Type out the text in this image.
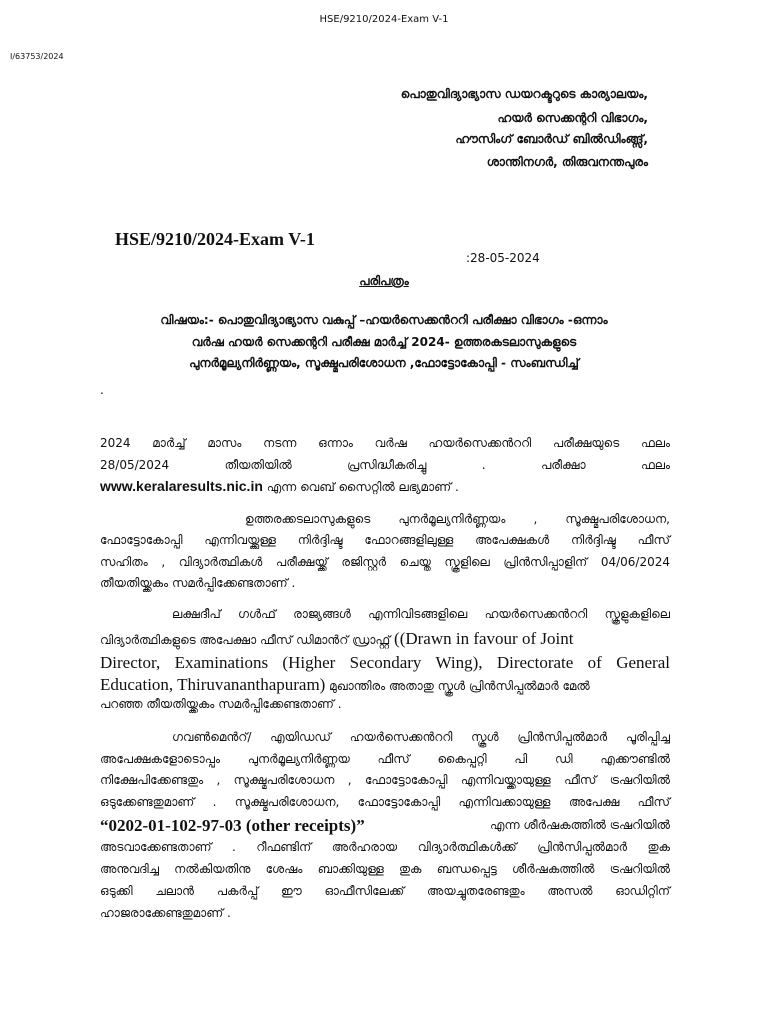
HSE/9210/2024-Exam V-1
I/63753/2024
പൊതുവിദ്യാഭ്യാസ ഡയറക്ടറുടെ കാര്യാലയം,
ഹയർ സെക്കന്ററി വിഭാഗം,
ഹൗസിംഗ് ബോർഡ് ബിൽഡിംങ്ങ്സ്,
ശാന്തിനഗർ, തിരുവനന്തപുരം
HSE/9210/2024-Exam V-1
:28-05-2024
പരിപത്രം
വിഷയം:- പൊതുവിദ്യാഭ്യാസ വകുപ്പ് –ഹയർസെക്കൻററി പരീക്ഷാ വിഭാഗം -ഒന്നാം
വർഷ ഹയർ സെക്കന്ററി പരീക്ഷ മാർച്ച് 2024- ഉത്തരകടലാസുകളുടെ
പുനർമൂല്യനിർണ്ണയം, സൂക്ഷ്മപരിശോധന ,ഫോട്ടോകോപ്പി - സംബന്ധിച്ച്
.
2024 മാർച്ച് മാസം നടന്ന ഒന്നാം വർഷ ഹയർസെക്കൻററി പരീക്ഷയുടെ ഫലം
28/05/2024 തീയതിയിൽ പ്രസിദ്ധീകരിച്ചു . പരീക്ഷാ ഫലം
www.keralaresults.nic.in എന്ന വെബ് സൈറ്റിൽ ലഭ്യമാണ് .
ഉത്തരക്കടലാസുകളുടെ പുനർമൂല്യനിർണ്ണയം , സൂക്ഷ്മപരിശോധന,
ഫോട്ടോകോപ്പി എന്നിവയ്ക്കുള്ള നിർദ്ദിഷ്ട ഫോറങ്ങളിലുള്ള അപേക്ഷകൾ നിർദ്ദിഷ്ട ഫീസ്
സഹിതം , വിദ്യാർത്ഥികൾ പരീക്ഷയ്ക്ക് രജിസ്റ്റർ ചെയ്ത സ്കൂളിലെ പ്രിൻസിപ്പാളിന് 04/06/2024
തീയതിയ്ക്കകം സമർപ്പിക്കേണ്ടതാണ് .
ലക്ഷദീപ് ഗൾഫ് രാജ്യങ്ങൾ എന്നിവിടങ്ങളിലെ ഹയർസെക്കൻററി സ്കൂളുകളിലെ
വിദ്യാർത്ഥികളുടെ അപേക്ഷാ ഫീസ് ഡിമാൻറ് ഡ്രാഫ്റ്റ് ((Drawn in favour of Joint
Director, Examinations (Higher Secondary Wing), Directorate of General
Education, Thiruvananthapuram) മുഖാന്തിരം അതാതു സ്കൂൾ പ്രിൻസിപ്പൽമാർ മേൽ
പറഞ്ഞ തീയതിയ്ക്കകം സമർപ്പിക്കേണ്ടതാണ് .
ഗവൺമെൻറ്/ എയിഡഡ് ഹയർസെക്കൻററി സ്കൂൾ പ്രിൻസിപ്പൽമാർ പൂരിപ്പിച്ച
അപേക്ഷകളോടൊപ്പം പുനർമൂല്യനിർണ്ണയ ഫീസ് കൈപ്പറ്റി പി ഡി എക്കൗണ്ടിൽ
നിക്ഷേപിക്കേണ്ടതും , സൂക്ഷ്മപരിശോധന , ഫോട്ടോകോപ്പി എന്നിവയ്ക്കായുള്ള ഫീസ് ട്രഷറിയിൽ
ഒടുക്കേണ്ടതുമാണ് . സൂക്ഷ്മപരിശോധന, ഫോട്ടോകോപ്പി എന്നിവക്കായുള്ള അപേക്ഷ ഫീസ്
“0202-01-102-97-03 (other receipts)”	എന്ന ശീർഷകത്തിൽ ട്രഷറിയിൽ
അടവാക്കേണ്ടതാണ് . റീഫണ്ടിന് അർഹരായ വിദ്യാർത്ഥികൾക്ക് പ്രിൻസിപ്പൽമാർ തുക
അനുവദിച്ച നൽകിയതിനു ശേഷം ബാക്കിയുള്ള തുക ബന്ധപ്പെട്ട ശീർഷകത്തിൽ ട്രഷറിയിൽ
ഒടുക്കി ചലാൻ പകർപ്പ് ഈ ഓഫീസിലേക്ക് അയച്ചുതരേണ്ടതും അസൽ ഓഡിറ്റിന്
ഹാജരാക്കേണ്ടതുമാണ് .
